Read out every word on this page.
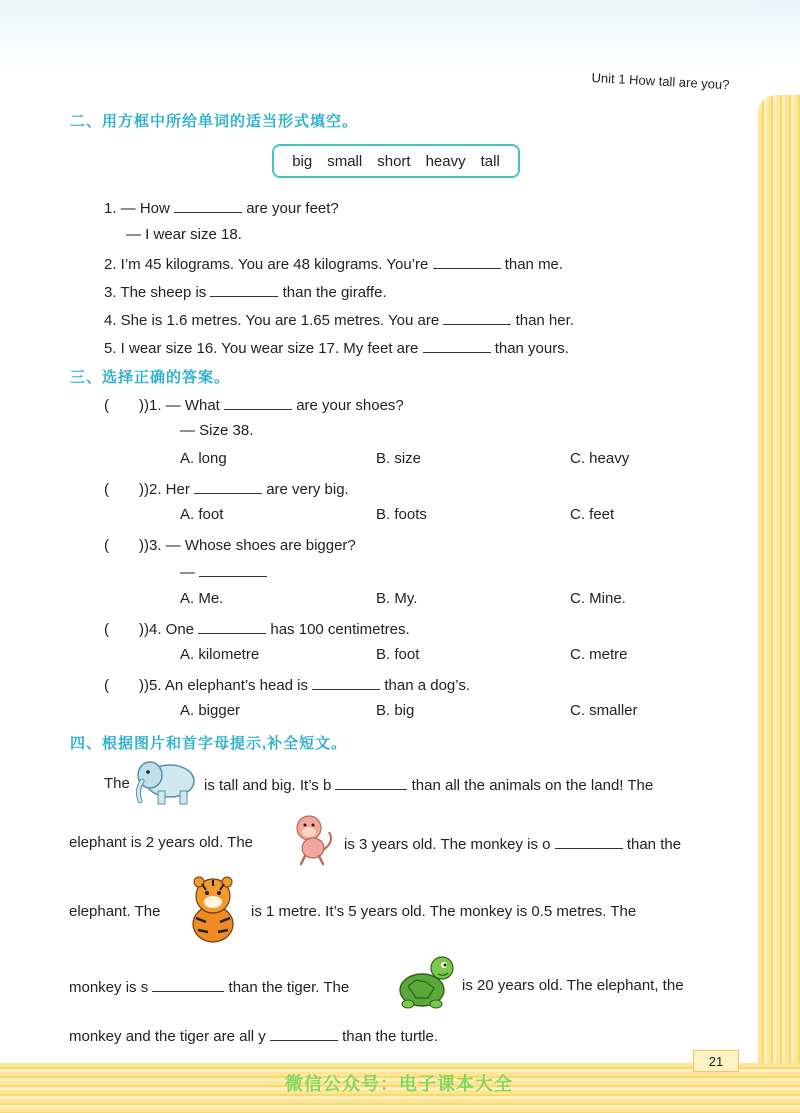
Unit 1 How tall are you?
二、用方框中所给单词的适当形式填空。
big small short heavy tall
1. — How	are your feet?
— I wear size 18.
2. I’m 45 kilograms. You are 48 kilograms. You’re	than me.
3. The sheep is	than the giraffe.
4. She is 1.6 metres. You are 1.65 metres. You are	than her.
5. I wear size 16. You wear size 17. My feet are	than yours.
三、选择正确的答案。
(　　))1. — What	are your shoes?
— Size 38.
A. long	B. size	C. heavy
(　　))2. Her	are very big.
A. foot	B. foots	C. feet
(　　))3. — Whose shoes are bigger?
—
A. Me.	B. My.	C. Mine.
(　　))4. One	has 100 centimetres.
A. kilometre	B. foot	C. metre
(　　))5. An elephant’s head is	than a dog’s.
A. bigger	B. big	C. smaller
四、根据图片和首字母提示,补全短文。
The	is tall and big. It’s b	than all the animals on the land! The
elephant is 2 years old. The	is 3 years old. The monkey is o	than the
elephant. The	is 1 metre. It’s 5 years old. The monkey is 0.5 metres. The
monkey is s	than the tiger. The	is 20 years old. The elephant, the
monkey and the tiger are all y	than the turtle.
21
微信公众号：电子课本大全
